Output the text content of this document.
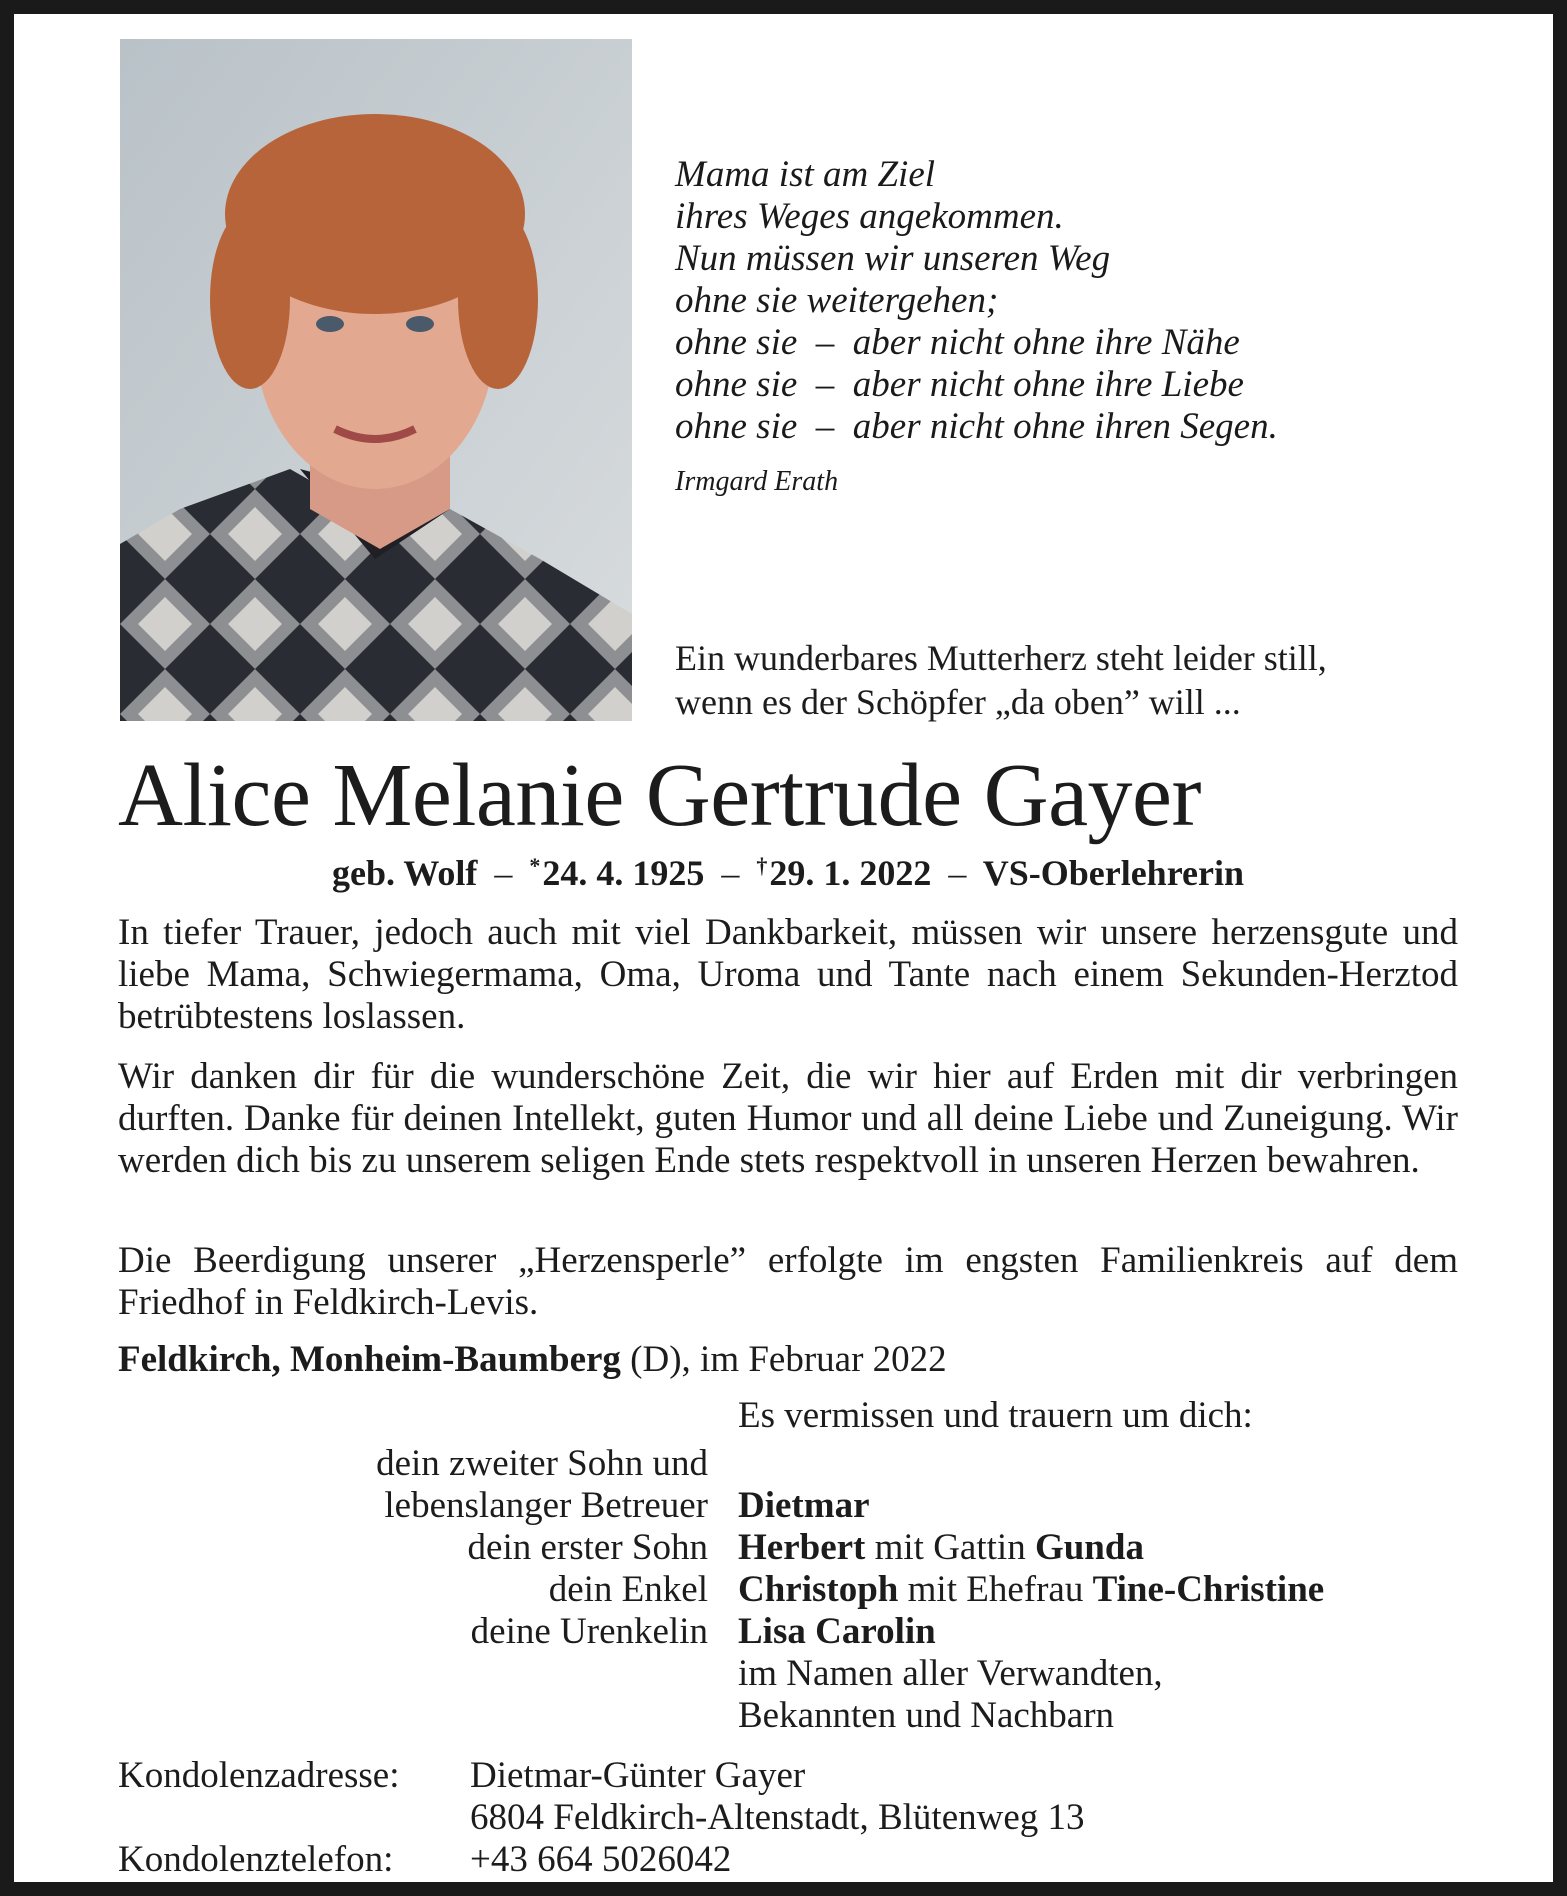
Mama ist am Ziel
ihres Weges angekommen.
Nun müssen wir unseren Weg
ohne sie weitergehen;
ohne sie  –  aber nicht ohne ihre Nähe
ohne sie  –  aber nicht ohne ihre Liebe
ohne sie  –  aber nicht ohne ihren Segen.
Irmgard Erath
Ein wunderbares Mutterherz steht leider still,
wenn es der Schöpfer „da oben” will ...
Alice Melanie Gertrude Gayer
geb. Wolf – *24. 4. 1925 – †29. 1. 2022 – VS-Oberlehrerin
In tiefer Trauer, jedoch auch mit viel Dankbarkeit, müssen wir unsere herzensgute und liebe Mama, Schwiegermama, Oma, Uroma und Tante nach einem Sekunden-Herztod betrübtestens loslassen.
Wir danken dir für die wunderschöne Zeit, die wir hier auf Erden mit dir verbringen durften. Danke für deinen Intellekt, guten Humor und all deine Liebe und Zuneigung. Wir werden dich bis zu unserem seligen Ende stets respektvoll in unseren Herzen bewahren.
Die Beerdigung unserer „Herzensperle” erfolgte im engsten Familienkreis auf dem Friedhof in Feldkirch-Levis.
Feldkirch, Monheim-Baumberg (D), im Februar 2022
Es vermissen und trauern um dich:
dein zweiter Sohn und
lebenslanger Betreuer Dietmar
dein erster Sohn Herbert mit Gattin Gunda
dein Enkel Christoph mit Ehefrau Tine-Christine
deine Urenkelin Lisa Carolin
im Namen aller Verwandten,
Bekannten und Nachbarn
Kondolenzadresse: Dietmar-Günter Gayer
6804 Feldkirch-Altenstadt, Blütenweg 13
Kondolenztelefon: +43 664 5026042
